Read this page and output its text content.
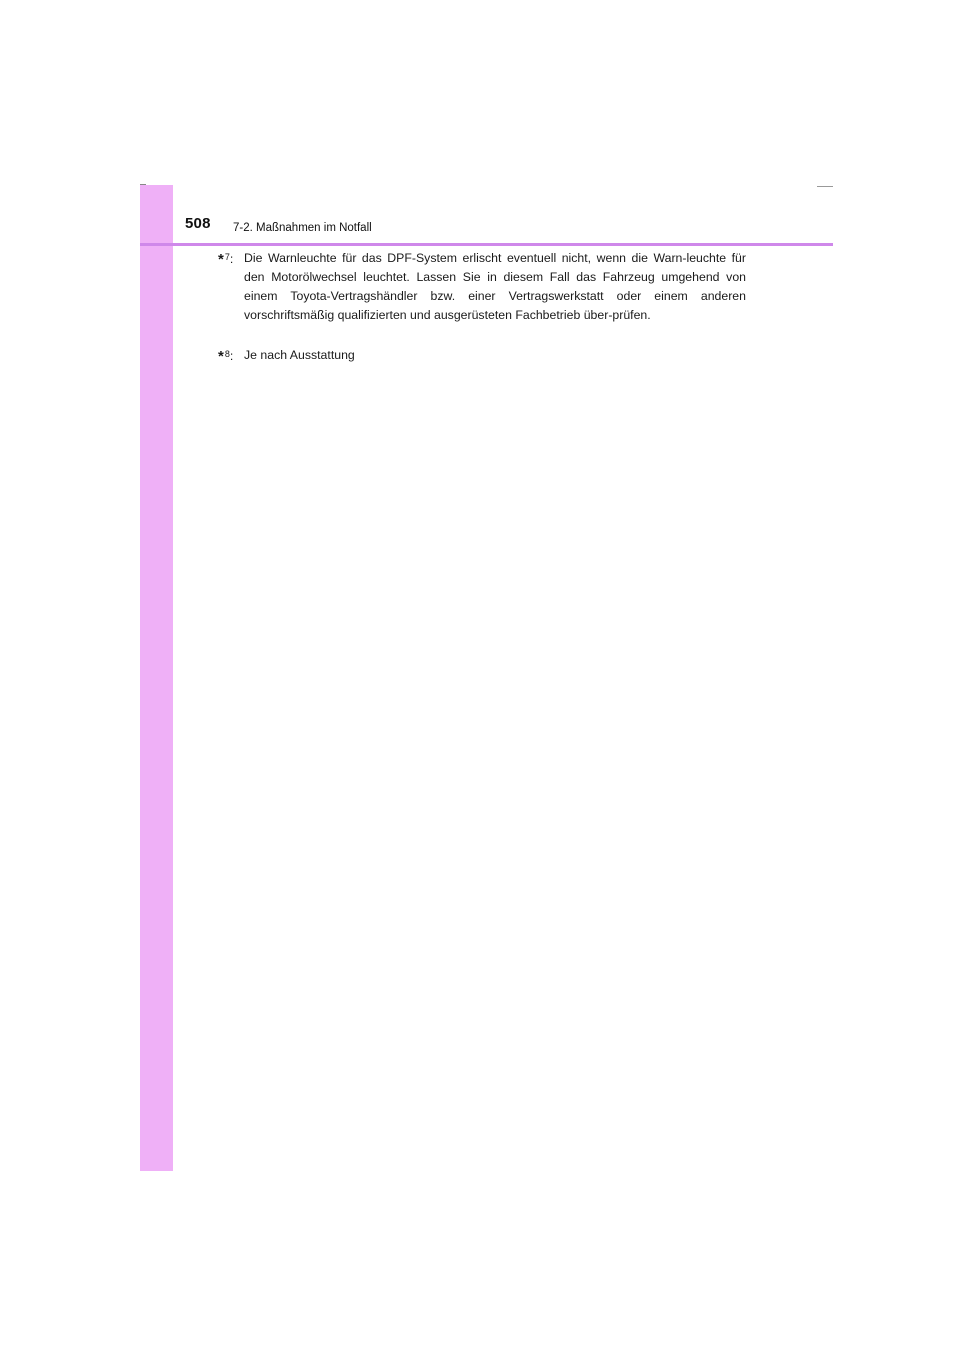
508 7-2. Maßnahmen im Notfall
*$^7$: Die Warnleuchte für das DPF-System erlischt eventuell nicht, wenn die Warn-leuchte für den Motorölwechsel leuchtet. Lassen Sie in diesem Fall das Fahrzeug umgehend von einem Toyota-Vertragshändler bzw. einer Vertragswerkstatt oder einem anderen vorschriftsmäßig qualifizierten und ausgerüsteten Fachbetrieb über-prüfen.
*$^8$: Je nach Ausstattung
